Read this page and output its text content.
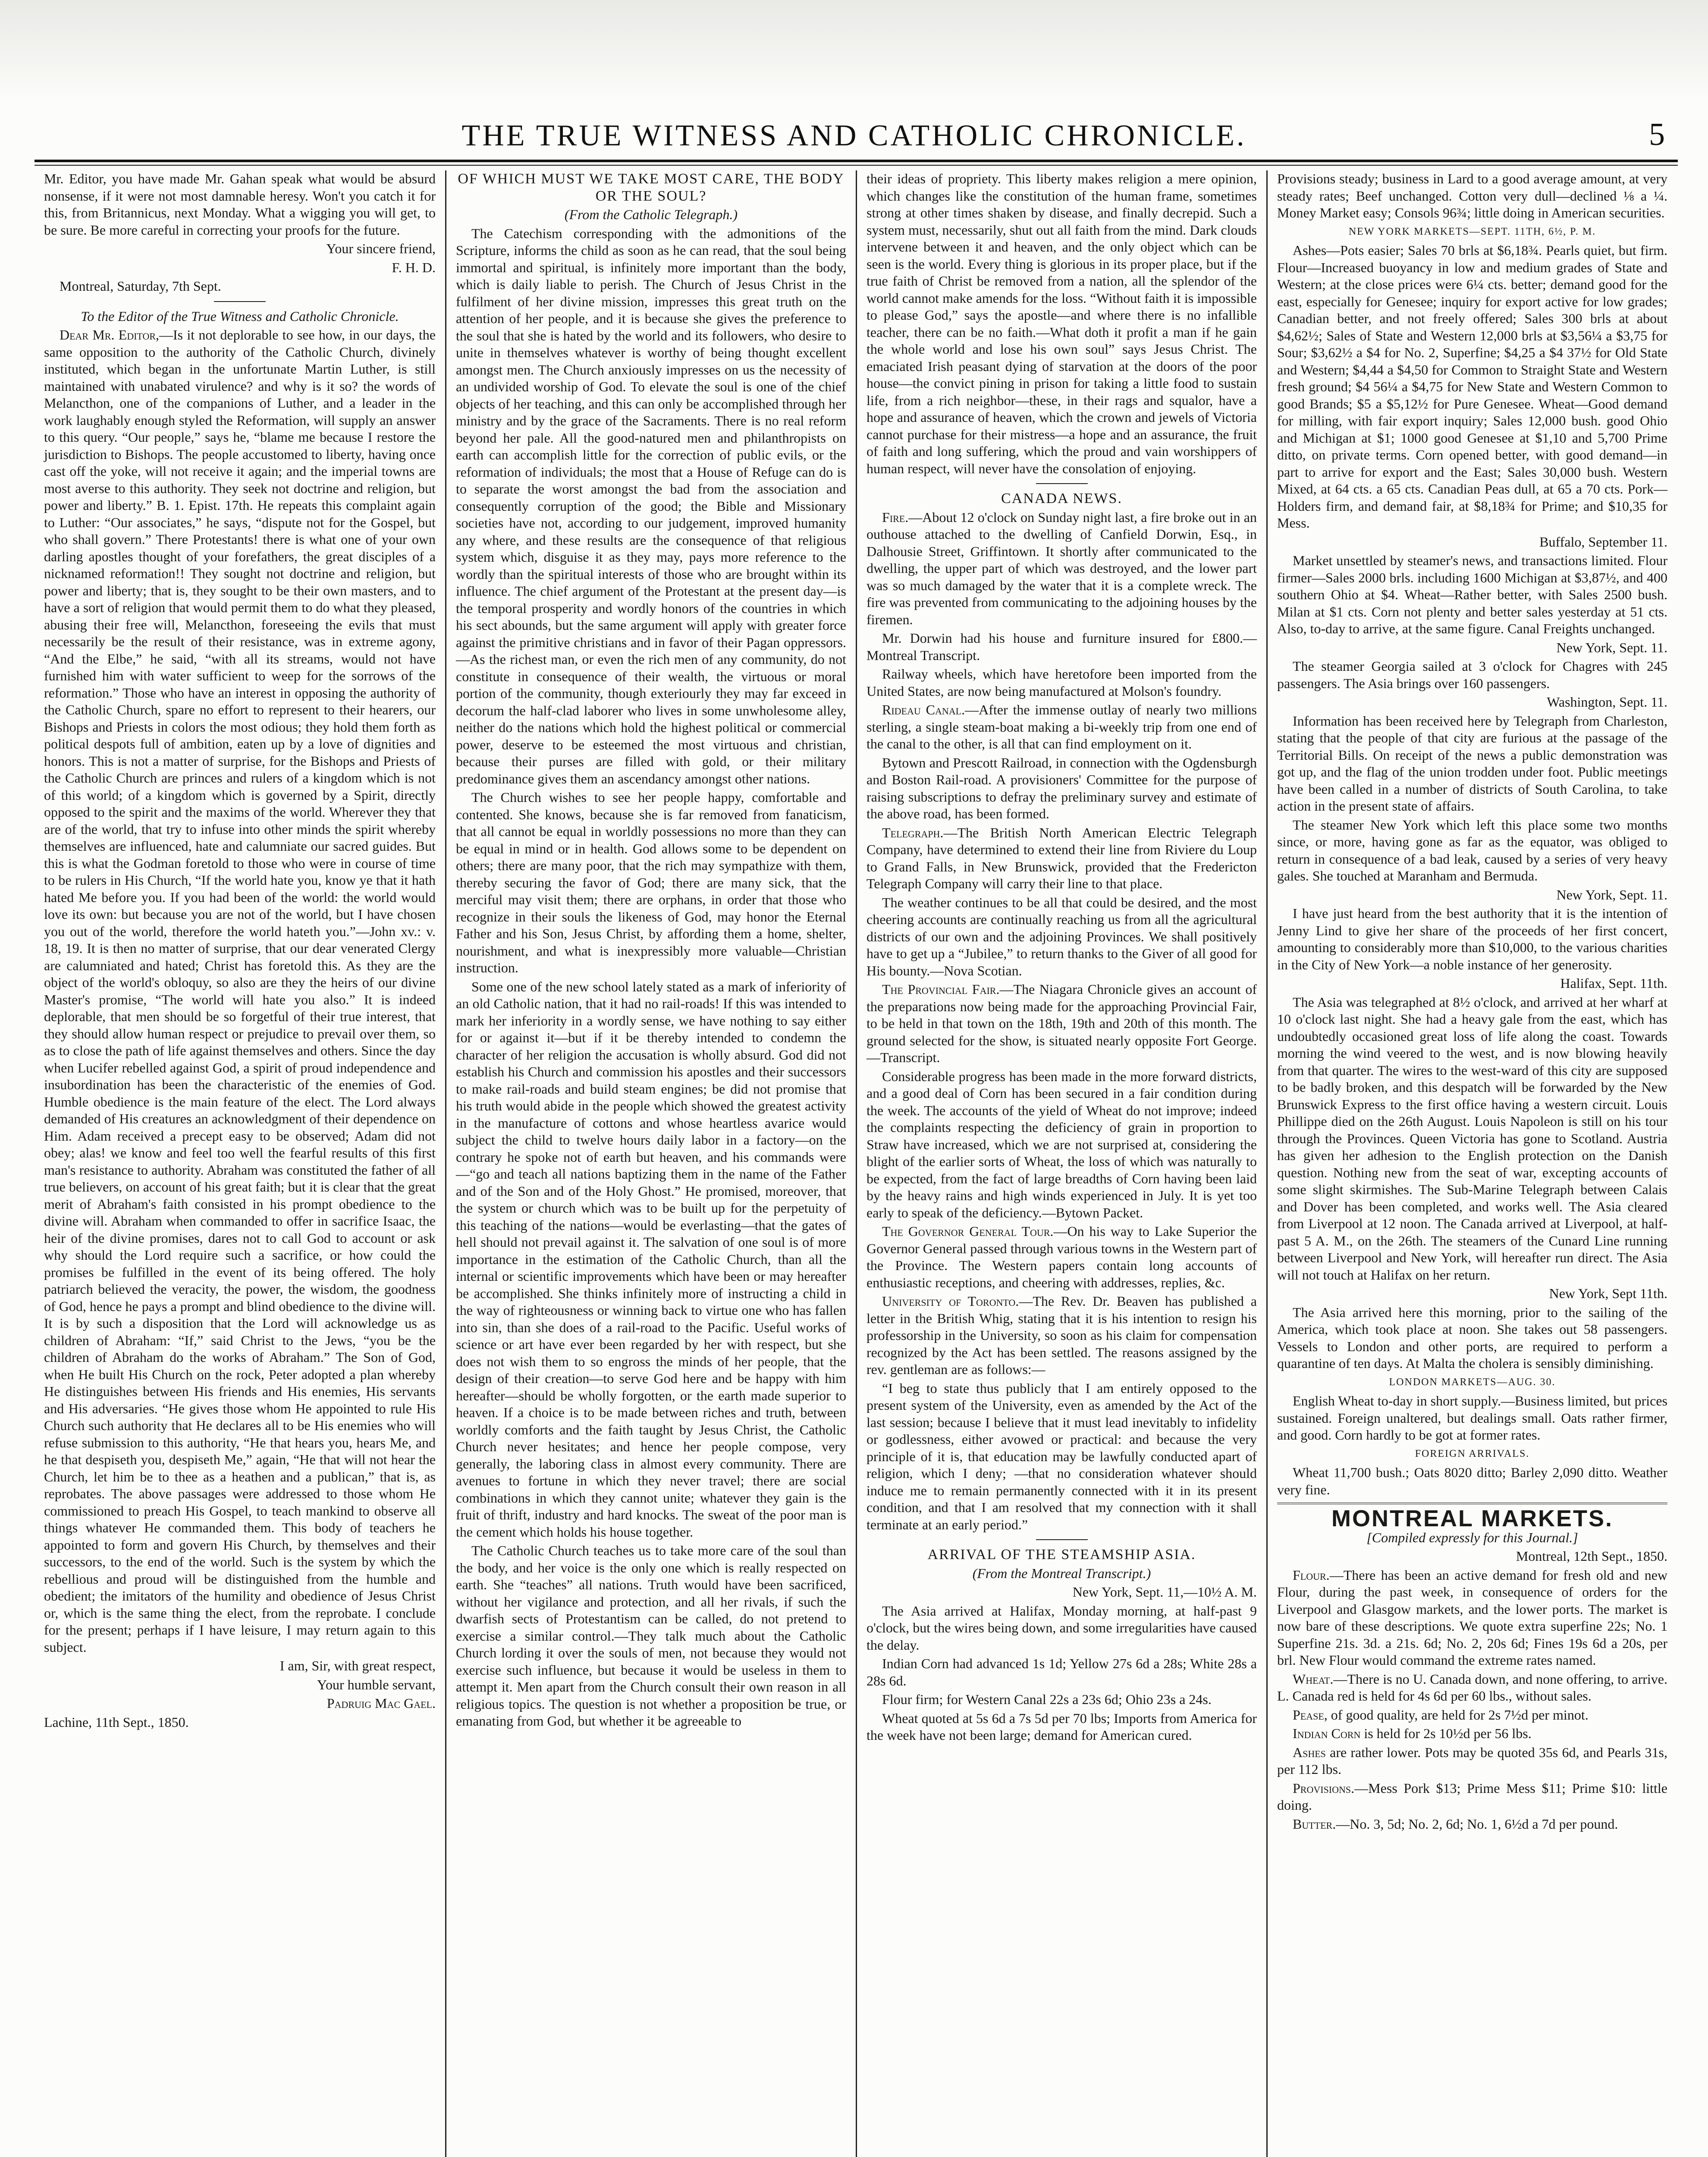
THE TRUE WITNESS AND CATHOLIC CHRONICLE.	5

Mr. Editor, you have made Mr. Gahan speak what would be absurd nonsense, if it were not most damnable heresy. Won't you catch it for this, from Britannicus, next Monday. What a wigging you will get, to be sure. Be more careful in correcting your proofs for the future.

Your sincere friend,

F. H. D.

Montreal, Saturday, 7th Sept.

To the Editor of the True Witness and Catholic Chronicle.

Dear Mr. Editor,—Is it not deplorable to see how, in our days, the same opposition to the authority of the Catholic Church, divinely instituted, which began in the unfortunate Martin Luther, is still maintained with unabated virulence? and why is it so? the words of Melancthon, one of the companions of Luther, and a leader in the work laughably enough styled the Reformation, will supply an answer to this query. “Our people,” says he, “blame me because I restore the jurisdiction to Bishops. The people accustomed to liberty, having once cast off the yoke, will not receive it again; and the imperial towns are most averse to this authority. They seek not doctrine and religion, but power and liberty.” B. 1. Epist. 17th. He repeats this complaint again to Luther: “Our associates,” he says, “dispute not for the Gospel, but who shall govern.” There Protestants! there is what one of your own darling apostles thought of your forefathers, the great disciples of a nicknamed reformation!! They sought not doctrine and religion, but power and liberty; that is, they sought to be their own masters, and to have a sort of religion that would permit them to do what they pleased, abusing their free will, Melancthon, foreseeing the evils that must necessarily be the result of their resistance, was in extreme agony, “And the Elbe,” he said, “with all its streams, would not have furnished him with water sufficient to weep for the sorrows of the reformation.” Those who have an interest in opposing the authority of the Catholic Church, spare no effort to represent to their hearers, our Bishops and Priests in colors the most odious; they hold them forth as political despots full of ambition, eaten up by a love of dignities and honors. This is not a matter of surprise, for the Bishops and Priests of the Catholic Church are princes and rulers of a kingdom which is not of this world; of a kingdom which is governed by a Spirit, directly opposed to the spirit and the maxims of the world. Wherever they that are of the world, that try to infuse into other minds the spirit whereby themselves are influenced, hate and calumniate our sacred guides. But this is what the Godman foretold to those who were in course of time to be rulers in His Church, “If the world hate you, know ye that it hath hated Me before you. If you had been of the world: the world would love its own: but because you are not of the world, but I have chosen you out of the world, therefore the world hateth you.”—John xv.: v. 18, 19. It is then no matter of surprise, that our dear venerated Clergy are calumniated and hated; Christ has foretold this. As they are the object of the world's obloquy, so also are they the heirs of our divine Master's promise, “The world will hate you also.” It is indeed deplorable, that men should be so forgetful of their true interest, that they should allow human respect or prejudice to prevail over them, so as to close the path of life against themselves and others. Since the day when Lucifer rebelled against God, a spirit of proud independence and insubordination has been the characteristic of the enemies of God. Humble obedience is the main feature of the elect. The Lord always demanded of His creatures an acknowledgment of their dependence on Him. Adam received a precept easy to be observed; Adam did not obey; alas! we know and feel too well the fearful results of this first man's resistance to authority. Abraham was constituted the father of all true believers, on account of his great faith; but it is clear that the great merit of Abraham's faith consisted in his prompt obedience to the divine will. Abraham when commanded to offer in sacrifice Isaac, the heir of the divine promises, dares not to call God to account or ask why should the Lord require such a sacrifice, or how could the promises be fulfilled in the event of its being offered. The holy patriarch believed the veracity, the power, the wisdom, the goodness of God, hence he pays a prompt and blind obedience to the divine will. It is by such a disposition that the Lord will acknowledge us as children of Abraham: “If,” said Christ to the Jews, “you be the children of Abraham do the works of Abraham.” The Son of God, when He built His Church on the rock, Peter adopted a plan whereby He distinguishes between His friends and His enemies, His servants and His adversaries. “He gives those whom He appointed to rule His Church such authority that He declares all to be His enemies who will refuse submission to this authority, “He that hears you, hears Me, and he that despiseth you, despiseth Me,” again, “He that will not hear the Church, let him be to thee as a heathen and a publican,” that is, as reprobates. The above passages were addressed to those whom He commissioned to preach His Gospel, to teach mankind to observe all things whatever He commanded them. This body of teachers he appointed to form and govern His Church, by themselves and their successors, to the end of the world. Such is the system by which the rebellious and proud will be distinguished from the humble and obedient; the imitators of the humility and obedience of Jesus Christ or, which is the same thing the elect, from the reprobate. I conclude for the present; perhaps if I have leisure, I may return again to this subject.

I am, Sir, with great respect,

Your humble servant,

Padruig Mac Gael.

Lachine, 11th Sept., 1850.

OF WHICH MUST WE TAKE MOST CARE, THE BODY OR THE SOUL?

(From the Catholic Telegraph.)

The Catechism corresponding with the admonitions of the Scripture, informs the child as soon as he can read, that the soul being immortal and spiritual, is infinitely more important than the body, which is daily liable to perish. The Church of Jesus Christ in the fulfilment of her divine mission, impresses this great truth on the attention of her people, and it is because she gives the preference to the soul that she is hated by the world and its followers, who desire to unite in themselves whatever is worthy of being thought excellent amongst men. The Church anxiously impresses on us the necessity of an undivided worship of God. To elevate the soul is one of the chief objects of her teaching, and this can only be accomplished through her ministry and by the grace of the Sacraments. There is no real reform beyond her pale. All the good-natured men and philanthropists on earth can accomplish little for the correction of public evils, or the reformation of individuals; the most that a House of Refuge can do is to separate the worst amongst the bad from the association and consequently corruption of the good; the Bible and Missionary societies have not, according to our judgement, improved humanity any where, and these results are the consequence of that religious system which, disguise it as they may, pays more reference to the wordly than the spiritual interests of those who are brought within its influence. The chief argument of the Protestant at the present day—is the temporal prosperity and wordly honors of the countries in which his sect abounds, but the same argument will apply with greater force against the primitive christians and in favor of their Pagan oppressors.—As the richest man, or even the rich men of any community, do not constitute in consequence of their wealth, the virtuous or moral portion of the community, though exteriourly they may far exceed in decorum the half-clad laborer who lives in some unwholesome alley, neither do the nations which hold the highest political or commercial power, deserve to be esteemed the most virtuous and christian, because their purses are filled with gold, or their military predominance gives them an ascendancy amongst other nations.

The Church wishes to see her people happy, comfortable and contented. She knows, because she is far removed from fanaticism, that all cannot be equal in worldly possessions no more than they can be equal in mind or in health. God allows some to be dependent on others; there are many poor, that the rich may sympathize with them, thereby securing the favor of God; there are many sick, that the merciful may visit them; there are orphans, in order that those who recognize in their souls the likeness of God, may honor the Eternal Father and his Son, Jesus Christ, by affording them a home, shelter, nourishment, and what is inexpressibly more valuable—Christian instruction.

Some one of the new school lately stated as a mark of inferiority of an old Catholic nation, that it had no rail-roads! If this was intended to mark her inferiority in a wordly sense, we have nothing to say either for or against it—but if it be thereby intended to condemn the character of her religion the accusation is wholly absurd. God did not establish his Church and commission his apostles and their successors to make rail-roads and build steam engines; be did not promise that his truth would abide in the people which showed the greatest activity in the manufacture of cottons and whose heartless avarice would subject the child to twelve hours daily labor in a factory—on the contrary he spoke not of earth but heaven, and his commands were—“go and teach all nations baptizing them in the name of the Father and of the Son and of the Holy Ghost.” He promised, moreover, that the system or church which was to be built up for the perpetuity of this teaching of the nations—would be everlasting—that the gates of hell should not prevail against it. The salvation of one soul is of more importance in the estimation of the Catholic Church, than all the internal or scientific improvements which have been or may hereafter be accomplished. She thinks infinitely more of instructing a child in the way of righteousness or winning back to virtue one who has fallen into sin, than she does of a rail-road to the Pacific. Useful works of science or art have ever been regarded by her with respect, but she does not wish them to so engross the minds of her people, that the design of their creation—to serve God here and be happy with him hereafter—should be wholly forgotten, or the earth made superior to heaven. If a choice is to be made between riches and truth, between worldly comforts and the faith taught by Jesus Christ, the Catholic Church never hesitates; and hence her people compose, very generally, the laboring class in almost every community. There are avenues to fortune in which they never travel; there are social combinations in which they cannot unite; whatever they gain is the fruit of thrift, industry and hard knocks. The sweat of the poor man is the cement which holds his house together.

The Catholic Church teaches us to take more care of the soul than the body, and her voice is the only one which is really respected on earth. She “teaches” all nations. Truth would have been sacrificed, without her vigilance and protection, and all her rivals, if such the dwarfish sects of Protestantism can be called, do not pretend to exercise a similar control.—They talk much about the Catholic Church lording it over the souls of men, not because they would not exercise such influence, but because it would be useless in them to attempt it. Men apart from the Church consult their own reason in all religious topics. The question is not whether a proposition be true, or emanating from God, but whether it be agreeable to

their ideas of propriety. This liberty makes religion a mere opinion, which changes like the constitution of the human frame, sometimes strong at other times shaken by disease, and finally decrepid. Such a system must, necessarily, shut out all faith from the mind. Dark clouds intervene between it and heaven, and the only object which can be seen is the world. Every thing is glorious in its proper place, but if the true faith of Christ be removed from a nation, all the splendor of the world cannot make amends for the loss. “Without faith it is impossible to please God,” says the apostle—and where there is no infallible teacher, there can be no faith.—What doth it profit a man if he gain the whole world and lose his own soul” says Jesus Christ. The emaciated Irish peasant dying of starvation at the doors of the poor house—the convict pining in prison for taking a little food to sustain life, from a rich neighbor—these, in their rags and squalor, have a hope and assurance of heaven, which the crown and jewels of Victoria cannot purchase for their mistress—a hope and an assurance, the fruit of faith and long suffering, which the proud and vain worshippers of human respect, will never have the consolation of enjoying.

CANADA NEWS.

Fire.—About 12 o'clock on Sunday night last, a fire broke out in an outhouse attached to the dwelling of Canfield Dorwin, Esq., in Dalhousie Street, Griffintown. It shortly after communicated to the dwelling, the upper part of which was destroyed, and the lower part was so much damaged by the water that it is a complete wreck. The fire was prevented from communicating to the adjoining houses by the firemen.

Mr. Dorwin had his house and furniture insured for £800.—Montreal Transcript.

Railway wheels, which have heretofore been imported from the United States, are now being manufactured at Molson's foundry.

Rideau Canal.—After the immense outlay of nearly two millions sterling, a single steam-boat making a bi-weekly trip from one end of the canal to the other, is all that can find employment on it.

Bytown and Prescott Railroad, in connection with the Ogdensburgh and Boston Rail-road. A provisioners' Committee for the purpose of raising subscriptions to defray the preliminary survey and estimate of the above road, has been formed.

Telegraph.—The British North American Electric Telegraph Company, have determined to extend their line from Riviere du Loup to Grand Falls, in New Brunswick, provided that the Fredericton Telegraph Company will carry their line to that place.

The weather continues to be all that could be desired, and the most cheering accounts are continually reaching us from all the agricultural districts of our own and the adjoining Provinces. We shall positively have to get up a “Jubilee,” to return thanks to the Giver of all good for His bounty.—Nova Scotian.

The Provincial Fair.—The Niagara Chronicle gives an account of the preparations now being made for the approaching Provincial Fair, to be held in that town on the 18th, 19th and 20th of this month. The ground selected for the show, is situated nearly opposite Fort George.—Transcript.

Considerable progress has been made in the more forward districts, and a good deal of Corn has been secured in a fair condition during the week. The accounts of the yield of Wheat do not improve; indeed the complaints respecting the deficiency of grain in proportion to Straw have increased, which we are not surprised at, considering the blight of the earlier sorts of Wheat, the loss of which was naturally to be expected, from the fact of large breadths of Corn having been laid by the heavy rains and high winds experienced in July. It is yet too early to speak of the deficiency.—Bytown Packet.

The Governor General Tour.—On his way to Lake Superior the Governor General passed through various towns in the Western part of the Province. The Western papers contain long accounts of enthusiastic receptions, and cheering with addresses, replies, &c.

University of Toronto.—The Rev. Dr. Beaven has published a letter in the British Whig, stating that it is his intention to resign his professorship in the University, so soon as his claim for compensation recognized by the Act has been settled. The reasons assigned by the rev. gentleman are as follows:—

“I beg to state thus publicly that I am entirely opposed to the present system of the University, even as amended by the Act of the last session; because I believe that it must lead inevitably to infidelity or godlessness, either avowed or practical: and because the very principle of it is, that education may be lawfully conducted apart of religion, which I deny; —that no consideration whatever should induce me to remain permanently connected with it in its present condition, and that I am resolved that my connection with it shall terminate at an early period.”

ARRIVAL OF THE STEAMSHIP ASIA.

(From the Montreal Transcript.)

New York, Sept. 11,—10½ A. M.

The Asia arrived at Halifax, Monday morning, at half-past 9 o'clock, but the wires being down, and some irregularities have caused the delay.

Indian Corn had advanced 1s 1d; Yellow 27s 6d a 28s; White 28s a 28s 6d.

Flour firm; for Western Canal 22s a 23s 6d; Ohio 23s a 24s.

Wheat quoted at 5s 6d a 7s 5d per 70 lbs; Imports from America for the week have not been large; demand for American cured.

Provisions steady; business in Lard to a good average amount, at very steady rates; Beef unchanged. Cotton very dull—declined ⅛ a ¼. Money Market easy; Consols 96¾; little doing in American securities.

NEW YORK MARKETS—SEPT. 11TH, 6½, P. M.

Ashes—Pots easier; Sales 70 brls at $6,18¾. Pearls quiet, but firm. Flour—Increased buoyancy in low and medium grades of State and Western; at the close prices were 6¼ cts. better; demand good for the east, especially for Genesee; inquiry for export active for low grades; Canadian better, and not freely offered; Sales 300 brls at about $4,62½; Sales of State and Western 12,000 brls at $3,56¼ a $3,75 for Sour; $3,62½ a $4 for No. 2, Superfine; $4,25 a $4 37½ for Old State and Western; $4,44 a $4,50 for Common to Straight State and Western fresh ground; $4 56¼ a $4,75 for New State and Western Common to good Brands; $5 a $5,12½ for Pure Genesee. Wheat—Good demand for milling, with fair export inquiry; Sales 12,000 bush. good Ohio and Michigan at $1; 1000 good Genesee at $1,10 and 5,700 Prime ditto, on private terms. Corn opened better, with good demand—in part to arrive for export and the East; Sales 30,000 bush. Western Mixed, at 64 cts. a 65 cts. Canadian Peas dull, at 65 a 70 cts. Pork—Holders firm, and demand fair, at $8,18¾ for Prime; and $10,35 for Mess.

Buffalo, September 11.

Market unsettled by steamer's news, and transactions limited. Flour firmer—Sales 2000 brls. including 1600 Michigan at $3,87½, and 400 southern Ohio at $4. Wheat—Rather better, with Sales 2500 bush. Milan at $1 cts. Corn not plenty and better sales yesterday at 51 cts. Also, to-day to arrive, at the same figure. Canal Freights unchanged.

New York, Sept. 11.

The steamer Georgia sailed at 3 o'clock for Chagres with 245 passengers. The Asia brings over 160 passengers.

Washington, Sept. 11.

Information has been received here by Telegraph from Charleston, stating that the people of that city are furious at the passage of the Territorial Bills. On receipt of the news a public demonstration was got up, and the flag of the union trodden under foot. Public meetings have been called in a number of districts of South Carolina, to take action in the present state of affairs.

The steamer New York which left this place some two months since, or more, having gone as far as the equator, was obliged to return in consequence of a bad leak, caused by a series of very heavy gales. She touched at Maranham and Bermuda.

New York, Sept. 11.

I have just heard from the best authority that it is the intention of Jenny Lind to give her share of the proceeds of her first concert, amounting to considerably more than $10,000, to the various charities in the City of New York—a noble instance of her generosity.

Halifax, Sept. 11th.

The Asia was telegraphed at 8½ o'clock, and arrived at her wharf at 10 o'clock last night. She had a heavy gale from the east, which has undoubtedly occasioned great loss of life along the coast. Towards morning the wind veered to the west, and is now blowing heavily from that quarter. The wires to the west-ward of this city are supposed to be badly broken, and this despatch will be forwarded by the New Brunswick Express to the first office having a western circuit. Louis Phillippe died on the 26th August. Louis Napoleon is still on his tour through the Provinces. Queen Victoria has gone to Scotland. Austria has given her adhesion to the English protection on the Danish question. Nothing new from the seat of war, excepting accounts of some slight skirmishes. The Sub-Marine Telegraph between Calais and Dover has been completed, and works well. The Asia cleared from Liverpool at 12 noon. The Canada arrived at Liverpool, at half-past 5 A. M., on the 26th. The steamers of the Cunard Line running between Liverpool and New York, will hereafter run direct. The Asia will not touch at Halifax on her return.

New York, Sept 11th.

The Asia arrived here this morning, prior to the sailing of the America, which took place at noon. She takes out 58 passengers. Vessels to London and other ports, are required to perform a quarantine of ten days. At Malta the cholera is sensibly diminishing.

LONDON MARKETS—AUG. 30.

English Wheat to-day in short supply.—Business limited, but prices sustained. Foreign unaltered, but dealings small. Oats rather firmer, and good. Corn hardly to be got at former rates.

FOREIGN ARRIVALS.

Wheat 11,700 bush.; Oats 8020 ditto; Barley 2,090 ditto. Weather very fine.

MONTREAL MARKETS.

[Compiled expressly for this Journal.]

Montreal, 12th Sept., 1850.

Flour.—There has been an active demand for fresh old and new Flour, during the past week, in consequence of orders for the Liverpool and Glasgow markets, and the lower ports. The market is now bare of these descriptions. We quote extra superfine 22s; No. 1 Superfine 21s. 3d. a 21s. 6d; No. 2, 20s 6d; Fines 19s 6d a 20s, per brl. New Flour would command the extreme rates named.

Wheat.—There is no U. Canada down, and none offering, to arrive. L. Canada red is held for 4s 6d per 60 lbs., without sales.

Pease, of good quality, are held for 2s 7½d per minot.

Indian Corn is held for 2s 10½d per 56 lbs.

Ashes are rather lower. Pots may be quoted 35s 6d, and Pearls 31s, per 112 lbs.

Provisions.—Mess Pork $13; Prime Mess $11; Prime $10: little doing.

Butter.—No. 3, 5d; No. 2, 6d; No. 1, 6½d a 7d per pound.
